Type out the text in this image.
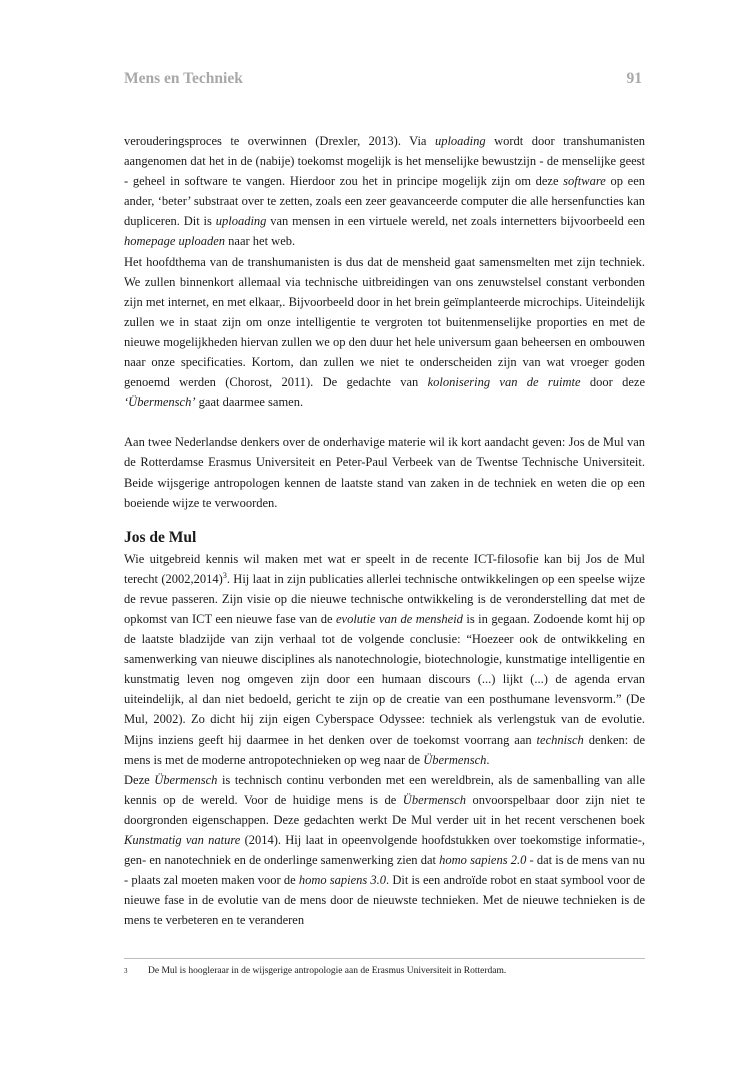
Mens en Techniek	91

verouderingsproces te overwinnen (Drexler, 2013). Via uploading wordt door transhumanisten aangenomen dat het in de (nabije) toekomst mogelijk is het menselijke bewustzijn - de menselijke geest - geheel in software te vangen. Hierdoor zou het in principe mogelijk zijn om deze software op een ander, ‘beter’ substraat over te zetten, zoals een zeer geavanceerde computer die alle hersenfuncties kan dupliceren. Dit is uploading van mensen in een virtuele wereld, net zoals internetters bijvoorbeeld een homepage uploaden naar het web.

Het hoofdthema van de transhumanisten is dus dat de mensheid gaat samensmelten met zijn techniek. We zullen binnenkort allemaal via technische uitbreidingen van ons zenuwstelsel constant verbonden zijn met internet, en met elkaar,. Bijvoorbeeld door in het brein geïmplanteerde microchips. Uiteindelijk zullen we in staat zijn om onze intelligentie te vergroten tot buitenmenselijke proporties en met de nieuwe mogelijkheden hiervan zullen we op den duur het hele universum gaan beheersen en ombouwen naar onze specificaties. Kortom, dan zullen we niet te onderscheiden zijn van wat vroeger goden genoemd werden (Chorost, 2011). De gedachte van kolonisering van de ruimte door deze ‘Übermensch’ gaat daarmee samen.

Aan twee Nederlandse denkers over de onderhavige materie wil ik kort aandacht geven: Jos de Mul van de Rotterdamse Erasmus Universiteit en Peter-Paul Verbeek van de Twentse Technische Universiteit. Beide wijsgerige antropologen kennen de laatste stand van zaken in de techniek en weten die op een boeiende wijze te verwoorden.

Jos de Mul

Wie uitgebreid kennis wil maken met wat er speelt in de recente ICT-filosofie kan bij Jos de Mul terecht $(2002,2014)^3$. Hij laat in zijn publicaties allerlei technische ontwikkelingen op een speelse wijze de revue passeren. Zijn visie op die nieuwe technische ontwikkeling is de veronderstelling dat met de opkomst van ICT een nieuwe fase van de evolutie van de mensheid is in gegaan. Zodoende komt hij op de laatste bladzijde van zijn verhaal tot de volgende conclusie: “Hoezeer ook de ontwikkeling en samenwerking van nieuwe disciplines als nanotechnologie, biotechnologie, kunstmatige intelligentie en kunstmatig leven nog omgeven zijn door een humaan discours (...) lijkt (...) de agenda ervan uiteindelijk, al dan niet bedoeld, gericht te zijn op de creatie van een posthumane levensvorm.” (De Mul, 2002). Zo dicht hij zijn eigen Cyberspace Odyssee: techniek als verlengstuk van de evolutie. Mijns inziens geeft hij daarmee in het denken over de toekomst voorrang aan technisch denken: de mens is met de moderne antropotechnieken op weg naar de Übermensch.

Deze Übermensch is technisch continu verbonden met een wereldbrein, als de samenballing van alle kennis op de wereld. Voor de huidige mens is de Übermensch onvoorspelbaar door zijn niet te doorgronden eigenschappen. Deze gedachten werkt De Mul verder uit in het recent verschenen boek Kunstmatig van nature (2014). Hij laat in opeenvolgende hoofdstukken over toekomstige informatie-, gen- en nanotechniek en de onderlinge samenwerking zien dat homo sapiens 2.0 - dat is de mens van nu - plaats zal moeten maken voor de homo sapiens 3.0. Dit is een androïde robot en staat symbool voor de nieuwe fase in de evolutie van de mens door de nieuwste technieken. Met de nieuwe technieken is de mens te verbeteren en te veranderen

3	De Mul is hoogleraar in de wijsgerige antropologie aan de Erasmus Universiteit in Rotterdam.
